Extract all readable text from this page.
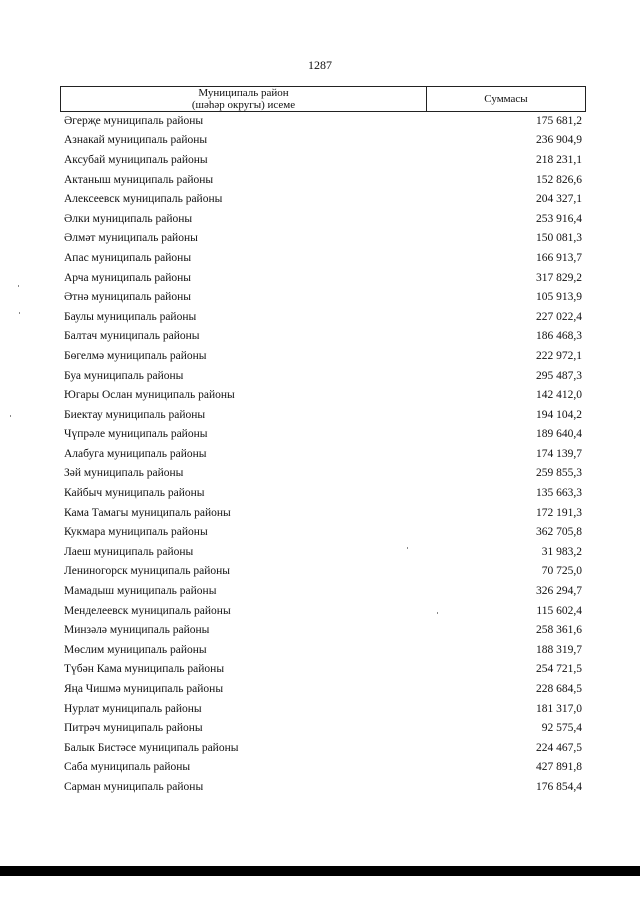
1287
Муниципаль район
(шәһәр округы) исеме	Суммасы
Әгерҗе муниципаль районы	175 681,2
Азнакай муниципаль районы	236 904,9
Аксубай муниципаль районы	218 231,1
Актаныш муниципаль районы	152 826,6
Алексеевск муниципаль районы	204 327,1
Әлки муниципаль районы	253 916,4
Әлмәт муниципаль районы	150 081,3
Апас муниципаль районы	166 913,7
Арча муниципаль районы	317 829,2
Әтнә муниципаль районы	105 913,9
Баулы муниципаль районы	227 022,4
Балтач муниципаль районы	186 468,3
Бөгелмә муниципаль районы	222 972,1
Буа муниципаль районы	295 487,3
Югары Ослан муниципаль районы	142 412,0
Биектау муниципаль районы	194 104,2
Чүпрәле муниципаль районы	189 640,4
Алабуга муниципаль районы	174 139,7
Зәй муниципаль районы	259 855,3
Кайбыч муниципаль районы	135 663,3
Кама Тамагы муниципаль районы	172 191,3
Кукмара муниципаль районы	362 705,8
Лаеш муниципаль районы	31 983,2
Лениногорск муниципаль районы	70 725,0
Мамадыш муниципаль районы	326 294,7
Менделеевск муниципаль районы	115 602,4
Минзәлә муниципаль районы	258 361,6
Мөслим муниципаль районы	188 319,7
Түбән Кама муниципаль районы	254 721,5
Яңа Чишмә муниципаль районы	228 684,5
Нурлат муниципаль районы	181 317,0
Питрәч муниципаль районы	92 575,4
Балык Бистәсе муниципаль районы	224 467,5
Саба муниципаль районы	427 891,8
Сарман муниципаль районы	176 854,4
